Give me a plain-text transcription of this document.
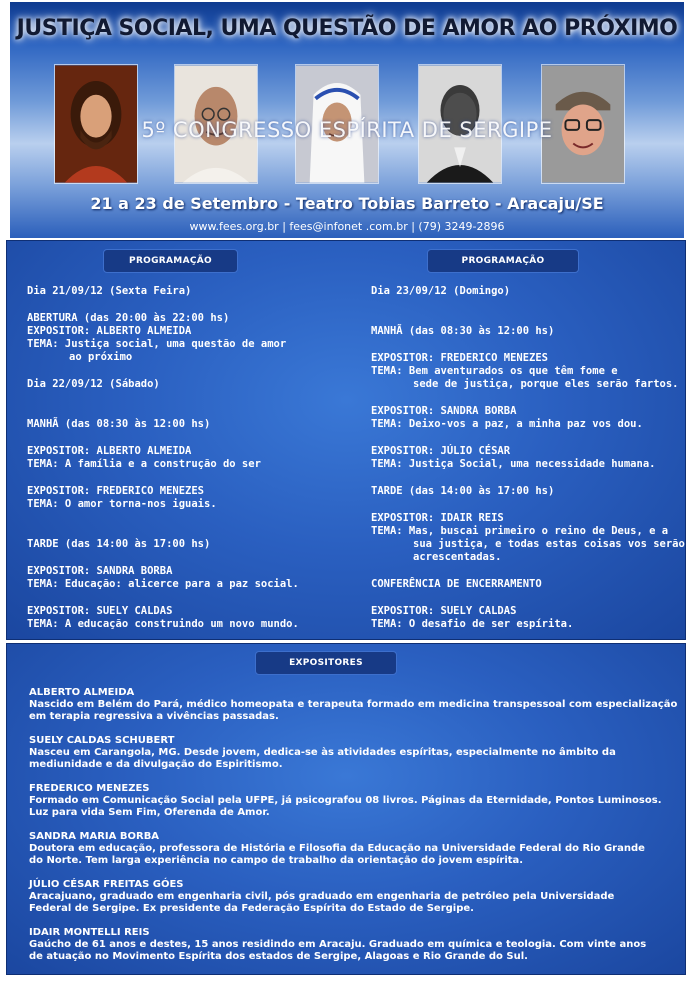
JUSTIÇA SOCIAL, UMA QUESTÃO DE AMOR AO PRÓXIMO
5º CONGRESSO ESPÍRITA DE SERGIPE
21 a 23 de Setembro - Teatro Tobias Barreto - Aracaju/SE
www.fees.org.br | fees@infonet .com.br | (79) 3249-2896
PROGRAMAÇÃO	PROGRAMAÇÃO
Dia 21/09/12 (Sexta Feira)
ABERTURA (das 20:00 às 22:00 hs)
EXPOSITOR: ALBERTO ALMEIDA
TEMA: Justiça social, uma questão de amor
ao próximo
Dia 22/09/12 (Sábado)
MANHÃ (das 08:30 às 12:00 hs)
EXPOSITOR: ALBERTO ALMEIDA
TEMA: A família e a construção do ser
EXPOSITOR: FREDERICO MENEZES
TEMA: O amor torna-nos iguais.
TARDE (das 14:00 às 17:00 hs)
EXPOSITOR: SANDRA BORBA
TEMA: Educação: alicerce para a paz social.
EXPOSITOR: SUELY CALDAS
TEMA: A educação construindo um novo mundo.
Dia 23/09/12 (Domingo)
MANHÃ (das 08:30 às 12:00 hs)
EXPOSITOR: FREDERICO MENEZES
TEMA: Bem aventurados os que têm fome e
sede de justiça, porque eles serão fartos.
EXPOSITOR: SANDRA BORBA
TEMA: Deixo-vos a paz, a minha paz vos dou.
EXPOSITOR: JÚLIO CÉSAR
TEMA: Justiça Social, uma necessidade humana.
TARDE (das 14:00 às 17:00 hs)
EXPOSITOR: IDAIR REIS
TEMA: Mas, buscai primeiro o reino de Deus, e a
sua justiça, e todas estas coisas vos serão
acrescentadas.
CONFERÊNCIA DE ENCERRAMENTO
EXPOSITOR: SUELY CALDAS
TEMA: O desafio de ser espírita.
EXPOSITORES
ALBERTO ALMEIDA
Nascido em Belém do Pará, médico homeopata e terapeuta formado em medicina transpessoal com especialização
em terapia regressiva a vivências passadas.
SUELY CALDAS SCHUBERT
Nasceu em Carangola, MG. Desde jovem, dedica-se às atividades espíritas, especialmente no âmbito da
mediunidade e da divulgação do Espiritismo.
FREDERICO MENEZES
Formado em Comunicação Social pela UFPE, já psicografou 08 livros. Páginas da Eternidade, Pontos Luminosos.
Luz para vida Sem Fim, Oferenda de Amor.
SANDRA MARIA BORBA
Doutora em educação, professora de História e Filosofia da Educação na Universidade Federal do Rio Grande
do Norte. Tem larga experiência no campo de trabalho da orientação do jovem espírita.
JÚLIO CÉSAR FREITAS GÓES
Aracajuano, graduado em engenharia civil, pós graduado em engenharia de petróleo pela Universidade
Federal de Sergipe. Ex presidente da Federação Espírita do Estado de Sergipe.
IDAIR MONTELLI REIS
Gaúcho de 61 anos e destes, 15 anos residindo em Aracaju. Graduado em química e teologia. Com vinte anos
de atuação no Movimento Espírita dos estados de Sergipe, Alagoas e Rio Grande do Sul.
